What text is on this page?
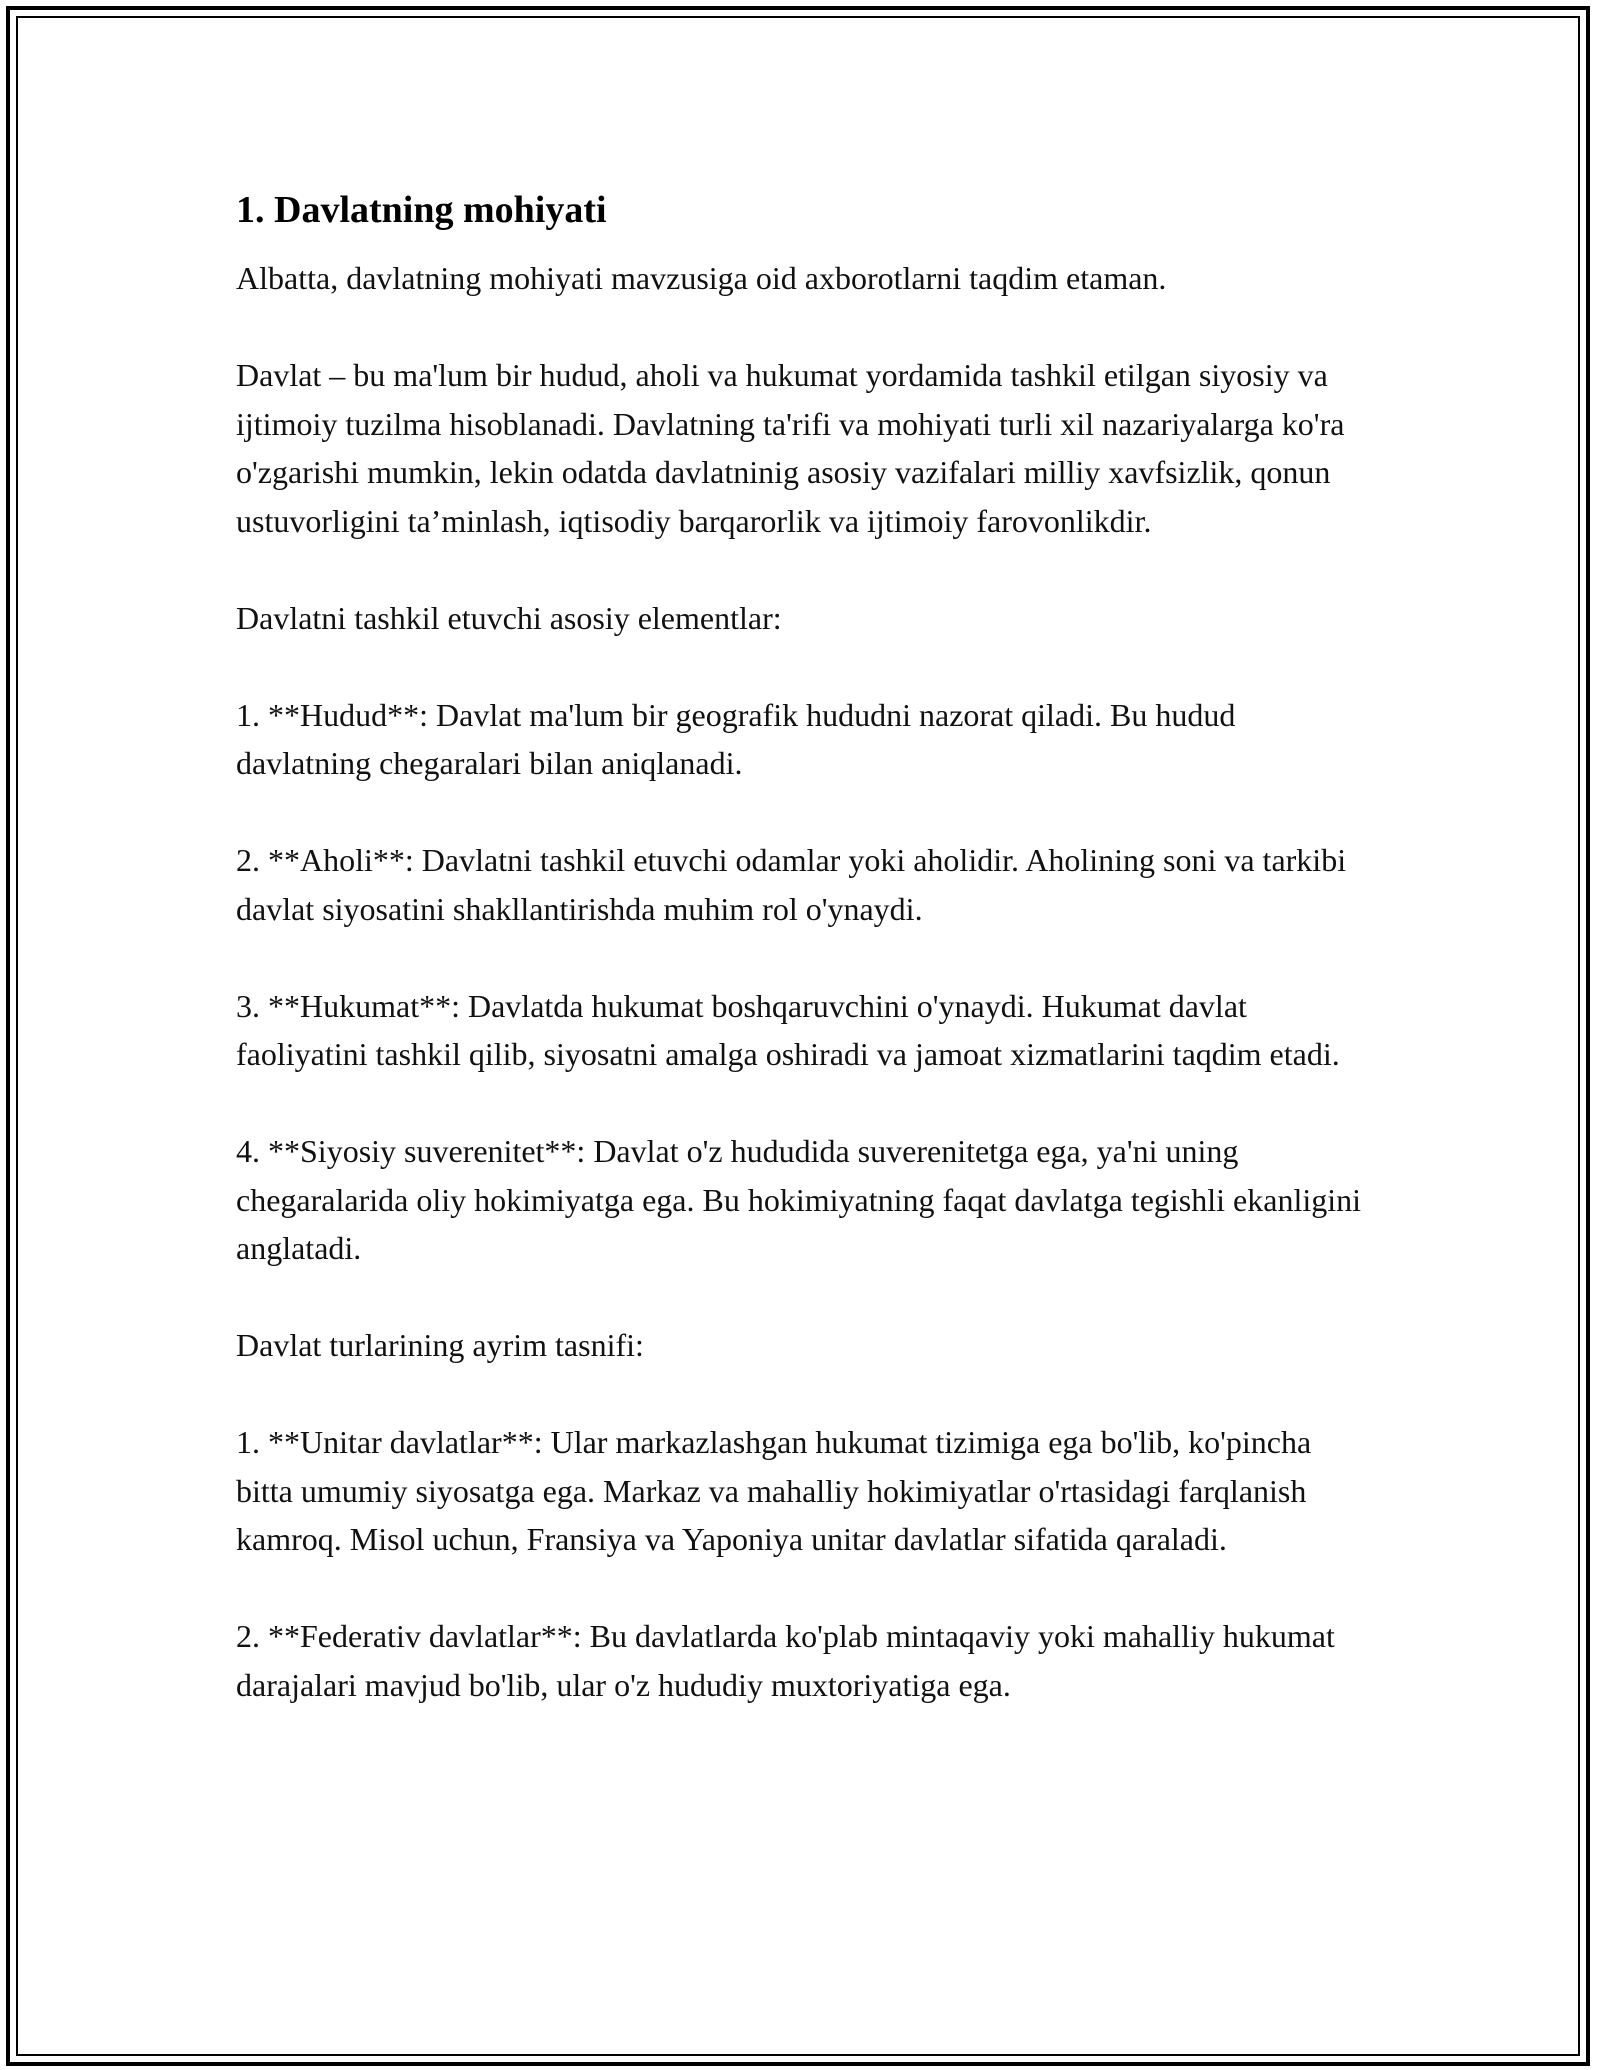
1. Davlatning mohiyati

Albatta, davlatning mohiyati mavzusiga oid axborotlarni taqdim etaman.

Davlat – bu ma'lum bir hudud, aholi va hukumat yordamida tashkil etilgan siyosiy va ijtimoiy tuzilma hisoblanadi. Davlatning ta'rifi va mohiyati turli xil nazariyalarga ko'ra o'zgarishi mumkin, lekin odatda davlatninig asosiy vazifalari milliy xavfsizlik, qonun ustuvorligini ta’minlash, iqtisodiy barqarorlik va ijtimoiy farovonlikdir.

Davlatni tashkil etuvchi asosiy elementlar:

1. **Hudud**: Davlat ma'lum bir geografik hududni nazorat qiladi. Bu hudud davlatning chegaralari bilan aniqlanadi.

2. **Aholi**: Davlatni tashkil etuvchi odamlar yoki aholidir. Aholining soni va tarkibi davlat siyosatini shakllantirishda muhim rol o'ynaydi.

3. **Hukumat**: Davlatda hukumat boshqaruvchini o'ynaydi. Hukumat davlat faoliyatini tashkil qilib, siyosatni amalga oshiradi va jamoat xizmatlarini taqdim etadi.

4. **Siyosiy suverenitet**: Davlat o'z hududida suverenitetga ega, ya'ni uning chegaralarida oliy hokimiyatga ega. Bu hokimiyatning faqat davlatga tegishli ekanligini anglatadi.

Davlat turlarining ayrim tasnifi:

1. **Unitar davlatlar**: Ular markazlashgan hukumat tizimiga ega bo'lib, ko'pincha bitta umumiy siyosatga ega. Markaz va mahalliy hokimiyatlar o'rtasidagi farqlanish kamroq. Misol uchun, Fransiya va Yaponiya unitar davlatlar sifatida qaraladi.

2. **Federativ davlatlar**: Bu davlatlarda ko'plab mintaqaviy yoki mahalliy hukumat darajalari mavjud bo'lib, ular o'z hududiy muxtoriyatiga ega.
